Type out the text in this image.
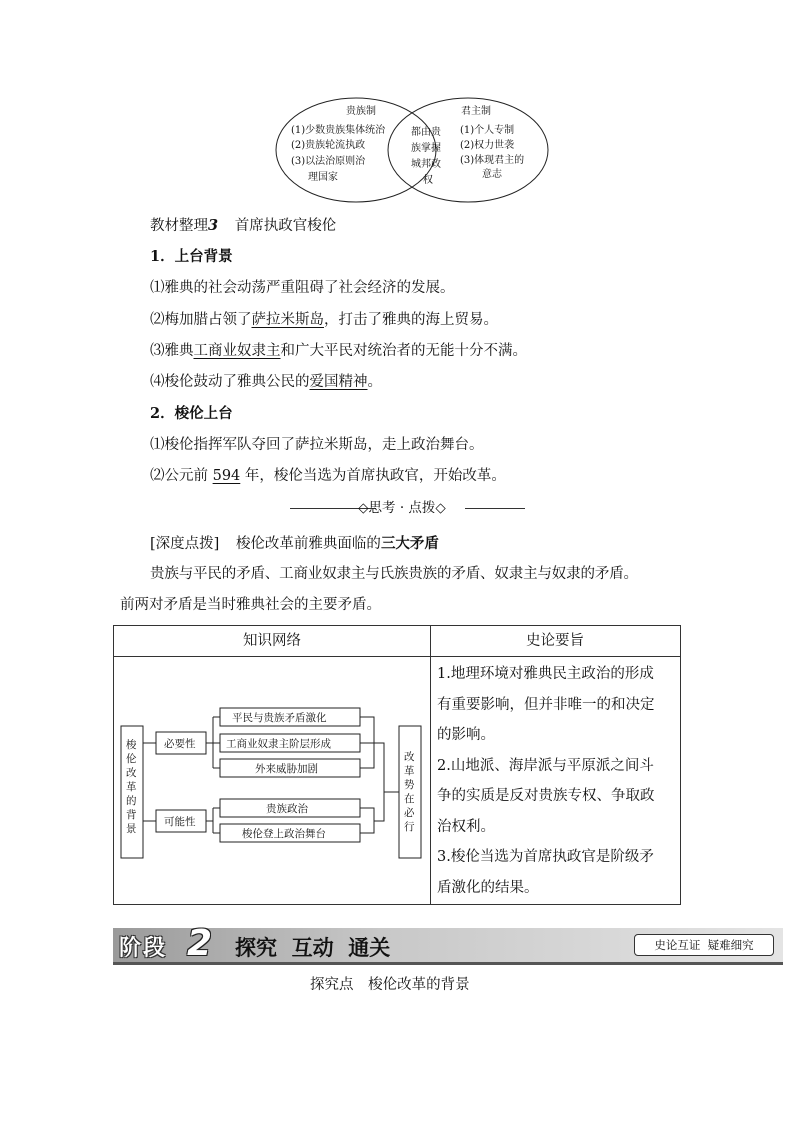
贵族制
(1)少数贵族集体统治
(2)贵族轮流执政
(3)以法治原则治
理国家
君主制
(1)个人专制
(2)权力世袭
(3)体现君主的
意志
都由贵
族掌握
城邦政
权
教材整理3 首席执政官梭伦
1．上台背景
⑴雅典的社会动荡严重阻碍了社会经济的发展。
⑵梅加腊占领了萨拉米斯岛，打击了雅典的海上贸易。
⑶雅典工商业奴隶主和广大平民对统治者的无能十分不满。
⑷梭伦鼓动了雅典公民的爱国精神。
2．梭伦上台
⑴梭伦指挥军队夺回了萨拉米斯岛，走上政治舞台。
⑵公元前 594 年，梭伦当选为首席执政官，开始改革。
◇思考 · 点拨◇
[深度点拨] 梭伦改革前雅典面临的三大矛盾
贵族与平民的矛盾、工商业奴隶主与氏族贵族的矛盾、奴隶主与奴隶的矛盾。
前两对矛盾是当时雅典社会的主要矛盾。
知识网络	史论要旨
梭
伦
改
革
的
背
景
必要性
可能性
平民与贵族矛盾激化
工商业奴隶主阶层形成
外来威胁加剧
贵族政治
梭伦登上政治舞台
改
革
势
在
必
行
1.地理环境对雅典民主政治的形成
有重要影响，但并非唯一的和决定
的影响。
2.山地派、海岸派与平原派之间斗
争的实质是反对贵族专权、争取政
治权利。
3.梭伦当选为首席执政官是阶级矛
盾激化的结果。
阶段 2	探究  互动  通关	史论互证  疑难细究
探究点 梭伦改革的背景
